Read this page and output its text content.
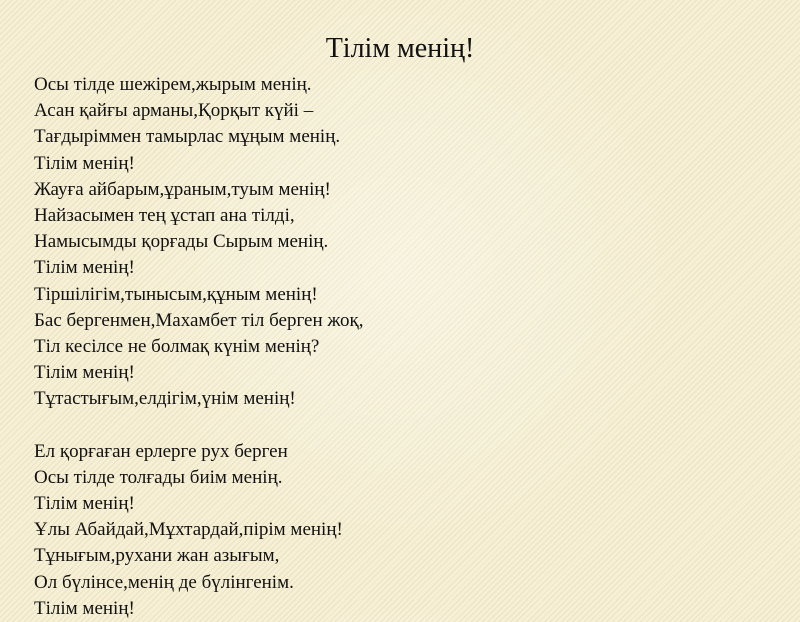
Тілім менің!
Осы тілде шежірем,жырым менің.
Асан қайғы арманы,Қорқыт күйі –
Тағдыріммен тамырлас мұңым менің.
Тілім менің!
Жауға айбарым,ұраным,туым менің!
Найзасымен тең ұстап ана тілді,
Намысымды қорғады Сырым менің.
Тілім менің!
Тіршілігім,тынысым,құным менің!
Бас бергенмен,Махамбет тіл берген жоқ,
Тіл кесілсе не болмақ күнім менің?
Тілім менің!
Тұтастығым,елдігім,үнім менің!
Ел қорғаған ерлерге рух берген
Осы тілде толғады биім менің.
Тілім менің!
Ұлы Абайдай,Мұхтардай,пірім менің!
Тұнығым,рухани жан азығым,
Ол бүлінсе,менің де бүлінгенім.
Тілім менің!
